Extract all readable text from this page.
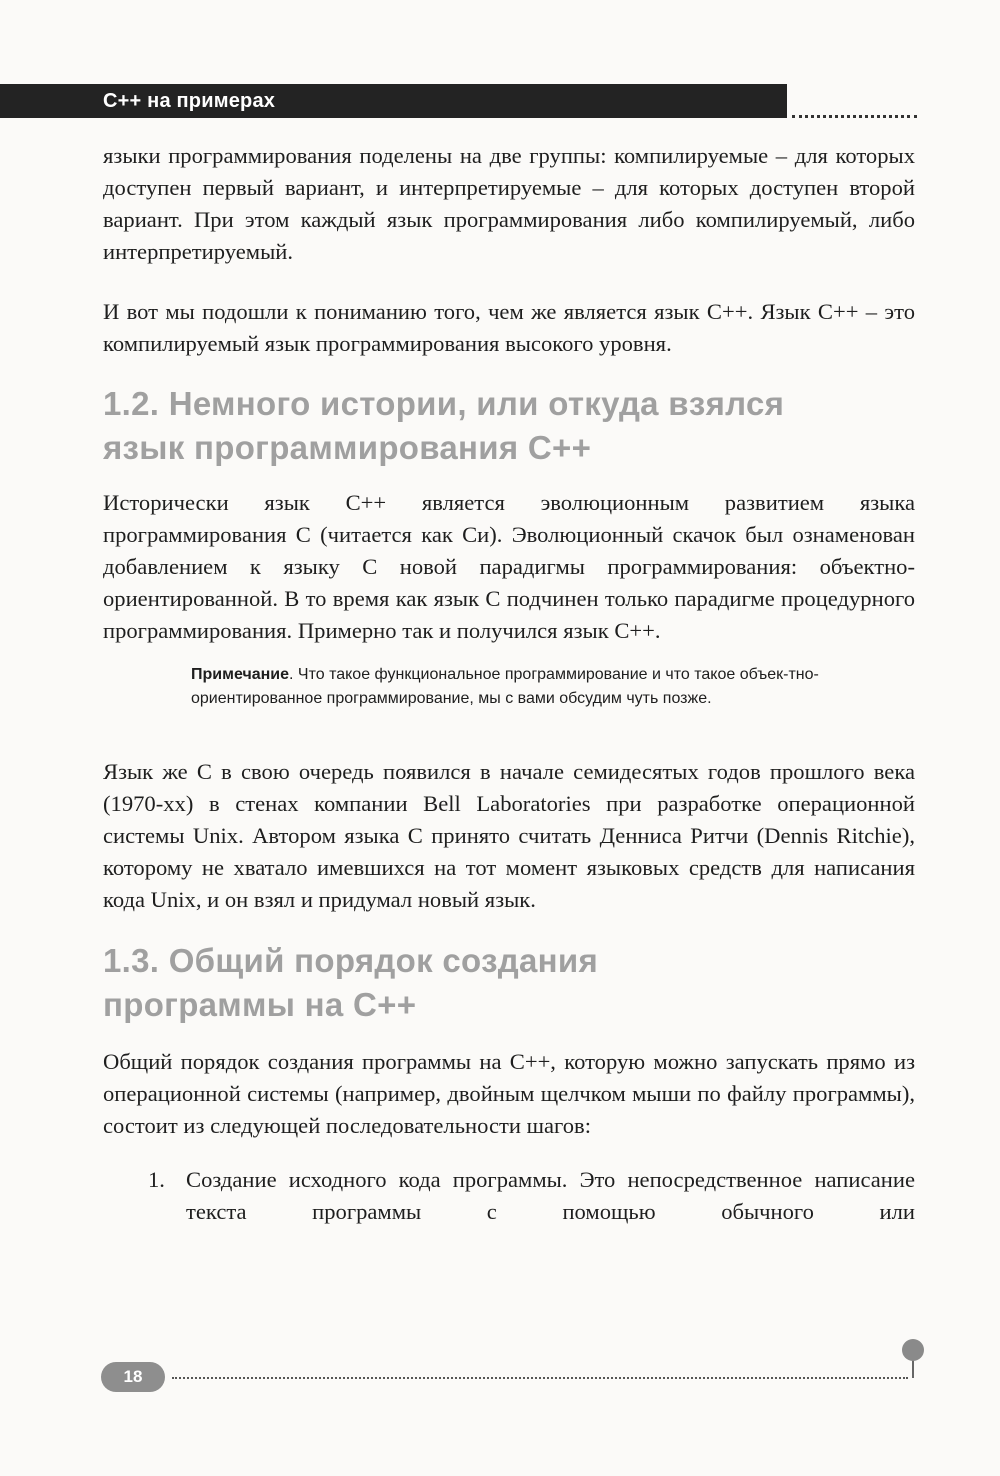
C++ на примерах

языки программирования поделены на две группы: компилируемые – для которых доступен первый вариант, и интерпретируемые – для которых доступен второй вариант. При этом каждый язык программирования либо компилируемый, либо интерпретируемый.

И вот мы подошли к пониманию того, чем же является язык C++. Язык C++ – это компилируемый язык программирования высокого уровня.

1.2. Немного истории, или откуда взялся
язык программирования C++

Исторически язык C++ является эволюционным развитием языка программирования C (читается как Си). Эволюционный скачок был ознаменован добавлением к языку C новой парадигмы программирования: объектно-ориентированной. В то время как язык C подчинен только парадигме процедурного программирования. Примерно так и получился язык C++.

Примечание. Что такое функциональное программирование и что такое объек-тно-ориентированное программирование, мы с вами обсудим чуть позже.

Язык же C в свою очередь появился в начале семидесятых годов прошлого века (1970-хх) в стенах компании Bell Laboratories при разработке операционной системы Unix. Автором языка C принято считать Денниса Ритчи (Dennis Ritchie), которому не хватало имевшихся на тот момент языковых средств для написания кода Unix, и он взял и придумал новый язык.

1.3. Общий порядок создания
программы на C++

Общий порядок создания программы на C++, которую можно запускать прямо из операционной системы (например, двойным щелчком мыши по файлу программы), состоит из следующей последовательности шагов:

1. Создание исходного кода программы. Это непосредственное написание текста программы с помощью обычного или
18
